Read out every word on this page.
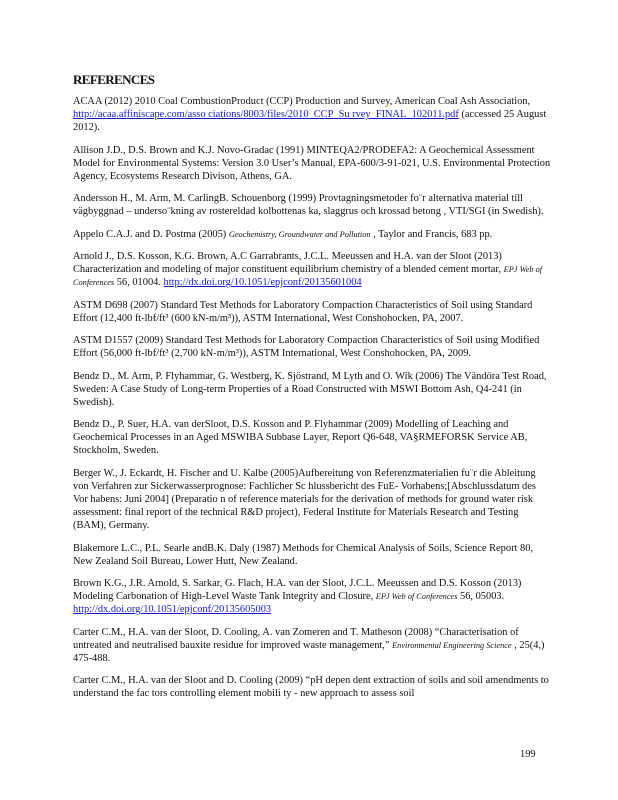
REFERENCES

ACAA (2012) 2010 Coal CombustionProduct (CCP) Production and Survey, American Coal Ash Association, http://acaa.affiniscape.com/asso ciations/8003/files/2010_CCP_Su rvey_FINAL_102011.pdf (accessed 25 August 2012).

Allison J.D., D.S. Brown and K.J. Novo‐Gradac (1991) MINTEQA2/PRODEFA2: A Geochemical Assessment Model for Environmental Systems: Version 3.0 User’s Manual, EPA‐600/3‐91‐021, U.S. Environmental Protection Agency, Ecosystems Research Divison, Athens, GA.

Andersson H., M. Arm, M. CarlingB. Schouenborg (1999) Provtagningsmetoder fo¨r alternativa material till vägbyggnad – underso¨kning av rostereldad kolbottenas ka, slaggrus och krossad betong , VTI/SGI (in Swedish).

Appelo C.A.J. and D. Postma (2005) Geochemistry, Groundwater and Pollution , Taylor and Francis, 683 pp.

Arnold J., D.S. Kosson, K.G. Brown, A.C Garrabrants, J.C.L. Meeussen and H.A. van der Sloot (2013) Characterization and modeling of major constituent equilibrium chemistry of a blended cement mortar, EPJ Web of Conferences 56, 01004. http://dx.doi.org/10.1051/epjconf/20135601004

ASTM D698 (2007) Standard Test Methods for Laboratory Compaction Characteristics of Soil using Standard Effort (12,400 ft‐lbf/ft³ (600 kN‐m/m³)), ASTM International, West Conshohocken, PA, 2007.

ASTM D1557 (2009) Standard Test Methods for Laboratory Compaction Characteristics of Soil using Modified Effort (56,000 ft‐lbf/ft³ (2,700 kN‐m/m³)), ASTM International, West Conshohocken, PA, 2009.

Bendz D., M. Arm, P. Flyhammar, G. Westberg, K. Sjöstrand, M Lyth and O. Wik (2006) The Vändöra Test Road, Sweden: A Case Study of Long‐term Properties of a Road Constructed with MSWI Bottom Ash, Q4‐241 (in Swedish).

Bendz D., P. Suer, H.A. van derSloot, D.S. Kosson and P. Flyhammar (2009) Modelling of Leaching and Geochemical Processes in an Aged MSWIBA Subbase Layer, Report Q6‐648, VA§RMEFORSK Service AB, Stockholm, Sweden.

Berger W., J. Eckardt, H. Fischer and U. Kalbe (2005)Aufbereitung von Referenzmaterialien fu¨r die Ableitung von Verfahren zur Sickerwasserprognose: Fachlicher Sc hlussbericht des FuE‐ Vorhabens;[Abschlussdatum des Vor habens: Juni 2004] (Preparatio n of reference materials for the derivation of methods for ground water risk assessment: final report of the technical R&D project), Federal Institute for Materials Research and Testing (BAM), Germany.

Blakemore L.C., P.L. Searle andB.K. Daly (1987) Methods for Chemical Analysis of Soils, Science Report 80, New Zealand Soil Bureau, Lower Hutt, New Zealand.

Brown K.G., J.R. Arnold, S. Sarkar, G. Flach, H.A. van der Sloot, J.C.L. Meeussen and D.S. Kosson (2013) Modeling Carbonation of High‐Level Waste Tank Integrity and Closure, EPJ Web of Conferences 56, 05003. http://dx.doi.org/10.1051/epjconf/20135605003

Carter C.M., H.A. van der Sloot, D. Cooling, A. van Zomeren and T. Matheson (2008) “Characterisation of untreated and neutralised bauxite residue for improved waste management,” Environmental Engineering Science , 25(4,) 475‐488.

Carter C.M., H.A. van der Sloot and D. Cooling (2009) “pH depen dent extraction of soils and soil amendments to understand the fac tors controlling element mobili ty ‐ new approach to assess soil

199
